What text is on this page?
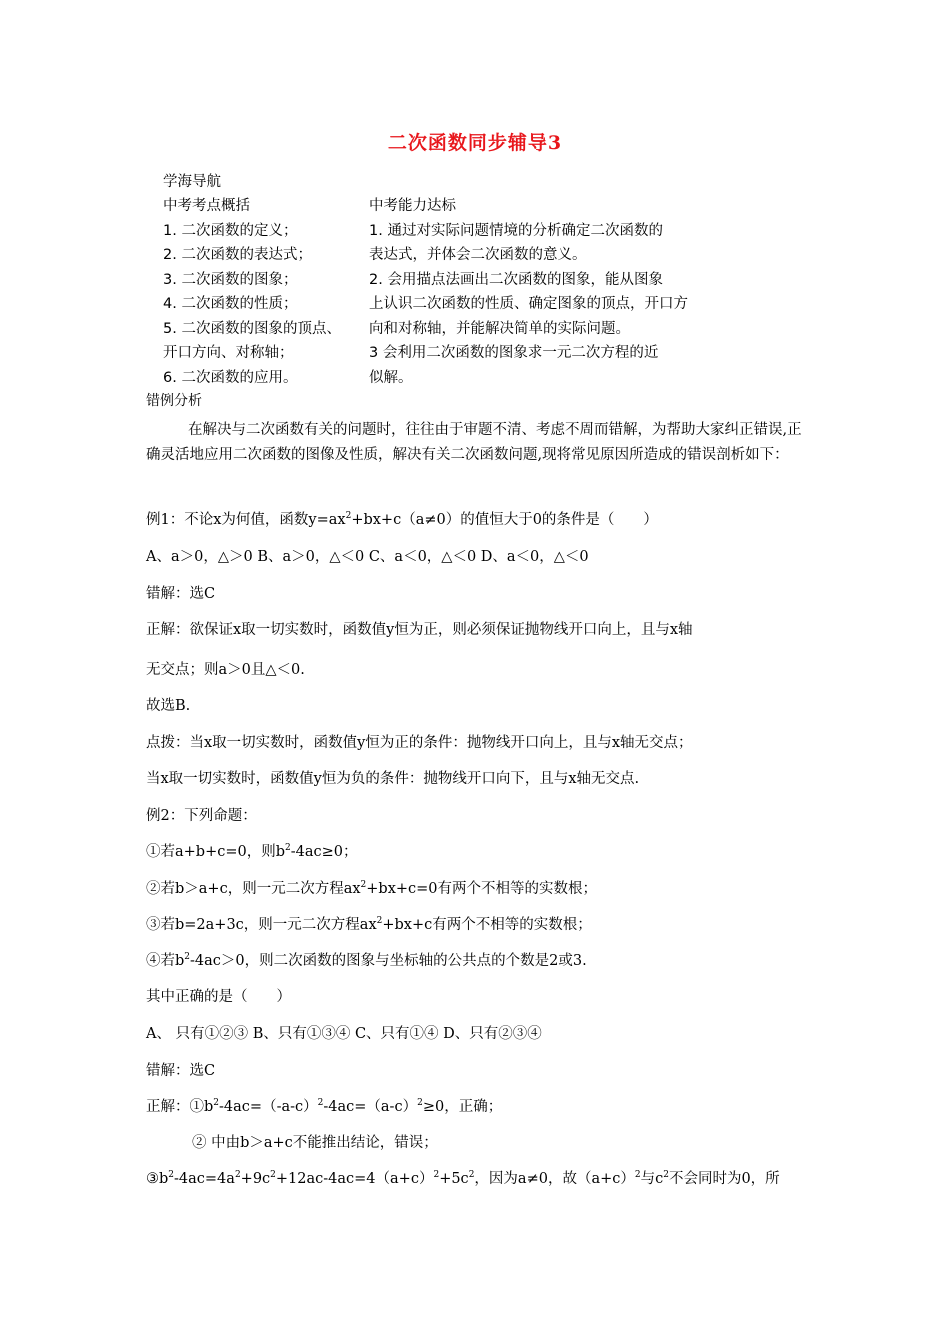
二次函数同步辅导3
学海导航
中考考点概括
1. 二次函数的定义；
2. 二次函数的表达式；
3. 二次函数的图象；
4. 二次函数的性质；
5. 二次函数的图象的顶点、
开口方向、对称轴；
6. 二次函数的应用。
中考能力达标
1. 通过对实际问题情境的分析确定二次函数的
表达式，并体会二次函数的意义。
2. 会用描点法画出二次函数的图象，能从图象
上认识二次函数的性质、确定图象的顶点，开口方
向和对称轴，并能解决简单的实际问题。
3 会利用二次函数的图象求一元二次方程的近
似解。
错例分析

在解决与二次函数有关的问题时，往往由于审题不清、考虑不周而错解，为帮助大家纠正错误,正确灵活地应用二次函数的图像及性质，解决有关二次函数问题,现将常见原因所造成的错误剖析如下：

例1：不论x为何值，函数$y=ax^2+bx+c(a\ne 0)$的值恒大于0的条件是（　　）
A、a＞0，△＞0 B、a＞0，△＜0 C、a＜0，△＜0 D、a＜0，△＜0
错解：选C
正解：欲保证x取一切实数时，函数值y恒为正，则必须保证抛物线开口向上，且与x轴
无交点；则a＞0且△＜0.
故选B.
点拨：当x取一切实数时，函数值y恒为正的条件：抛物线开口向上，且与x轴无交点；
当x取一切实数时，函数值y恒为负的条件：抛物线开口向下，且与x轴无交点.
例2：下列命题：
①若a+b+c=0，则$b^2-4ac\ge 0$；
②若b＞a+c，则一元二次方程$ax^2+bx+c=0$有两个不相等的实数根；
③若b=2a+3c，则一元二次方程$ax^2+bx+c$有两个不相等的实数根；
④若$b^2-4ac>0$，则二次函数的图象与坐标轴的公共点的个数是2或3.
其中正确的是（　　）
A、 只有①②③ B、只有①③④ C、只有①④ D、只有②③④
错解：选C
正解：$①b^2-4ac=(-a-c)^2-4ac=(a-c)^2\ge 0$，正确；
② 中由b＞a+c不能推出结论，错误；
$③b^2-4ac=4a^2+9c^2+12ac-4ac=4(a+c)^2+5c^2$，因为a≠0，故$(a+c)^2$与$c^2$不会同时为0，所
